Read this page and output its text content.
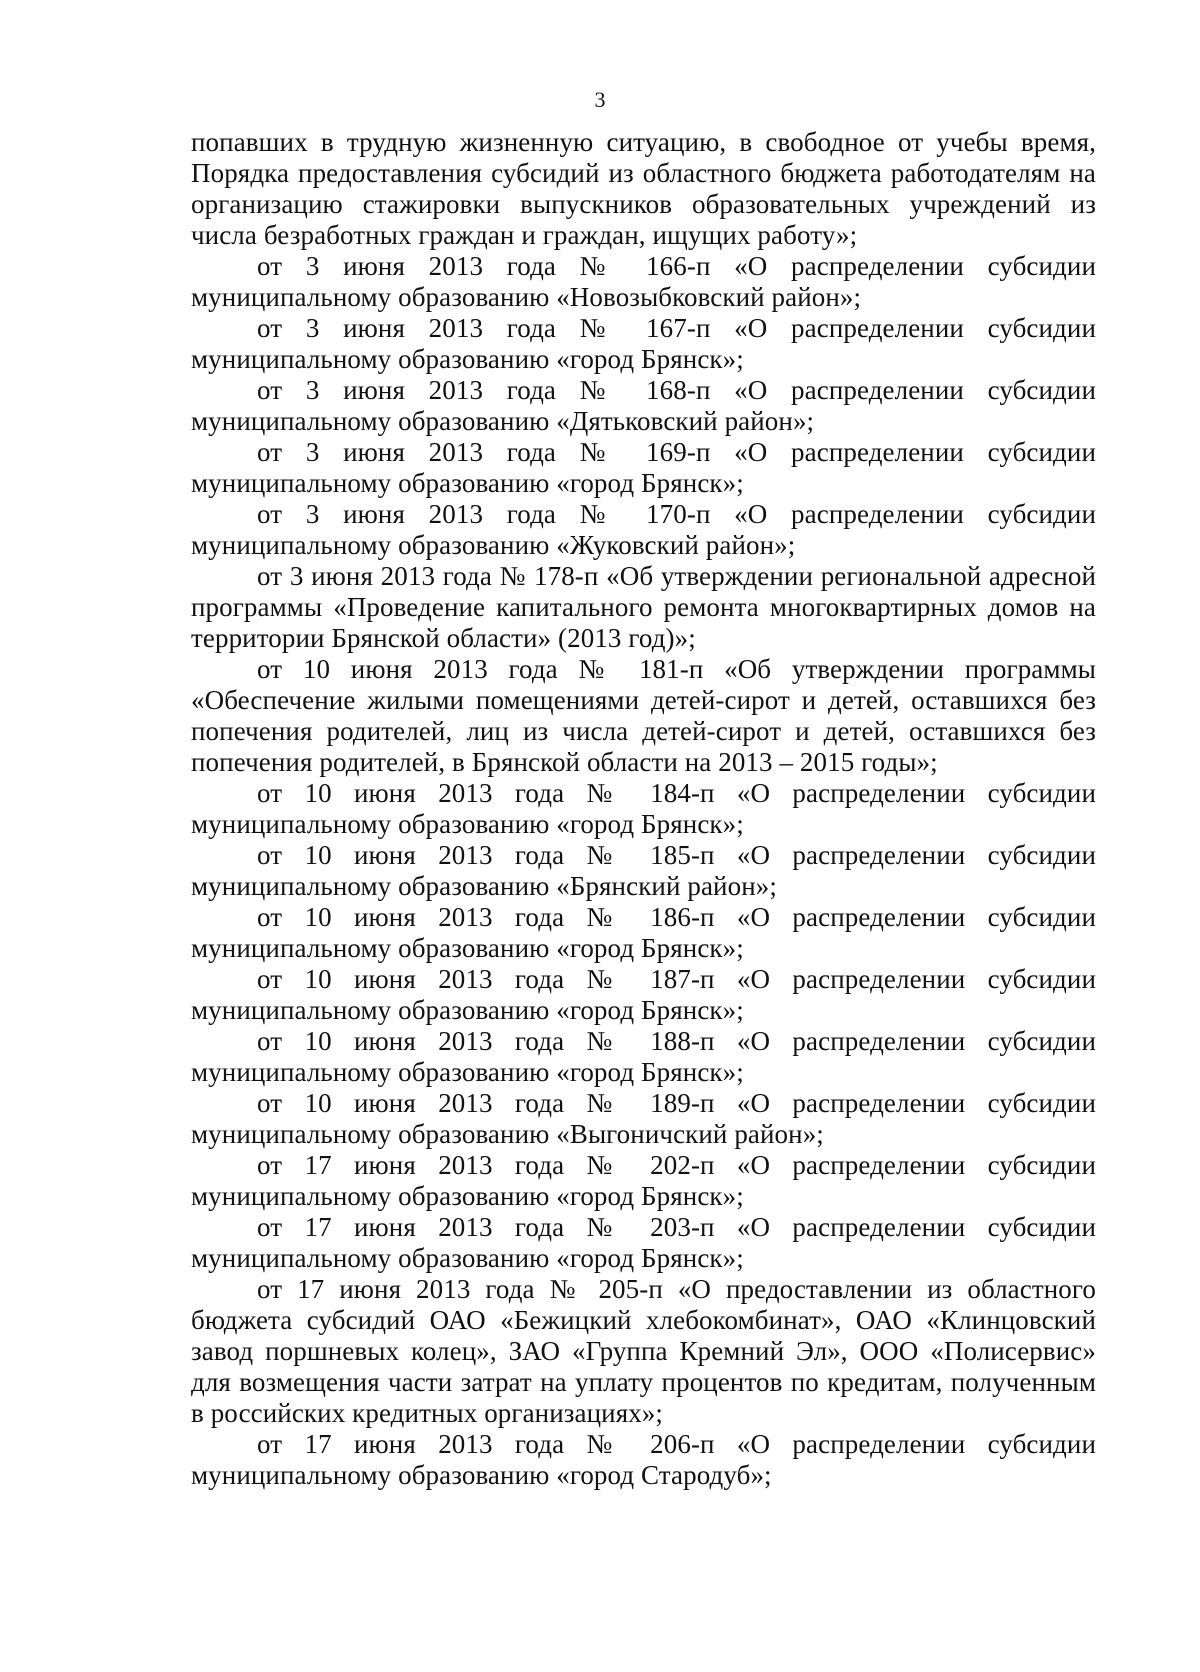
3

попавших в трудную жизненную ситуацию, в свободное от учебы время, Порядка предоставления субсидий из областного бюджета работодателям на организацию стажировки выпускников образовательных учреждений из числа безработных граждан и граждан, ищущих работу»;

от 3 июня 2013 года № 166-п «О распределении субсидии муниципальному образованию «Новозыбковский район»;

от 3 июня 2013 года № 167-п «О распределении субсидии муниципальному образованию «город Брянск»;

от 3 июня 2013 года № 168-п «О распределении субсидии муниципальному образованию «Дятьковский район»;

от 3 июня 2013 года № 169-п «О распределении субсидии муниципальному образованию «город Брянск»;

от 3 июня 2013 года № 170-п «О распределении субсидии муниципальному образованию «Жуковский район»;

от 3 июня 2013 года № 178-п «Об утверждении региональной адресной программы «Проведение капитального ремонта многоквартирных домов на территории Брянской области» (2013 год)»;

от 10 июня 2013 года № 181-п «Об утверждении программы «Обеспечение жилыми помещениями детей-сирот и детей, оставшихся без попечения родителей, лиц из числа детей-сирот и детей, оставшихся без попечения родителей, в Брянской области на 2013 – 2015 годы»;

от 10 июня 2013 года № 184-п «О распределении субсидии муниципальному образованию «город Брянск»;

от 10 июня 2013 года № 185-п «О распределении субсидии муниципальному образованию «Брянский район»;

от 10 июня 2013 года № 186-п «О распределении субсидии муниципальному образованию «город Брянск»;

от 10 июня 2013 года № 187-п «О распределении субсидии муниципальному образованию «город Брянск»;

от 10 июня 2013 года № 188-п «О распределении субсидии муниципальному образованию «город Брянск»;

от 10 июня 2013 года № 189-п «О распределении субсидии муниципальному образованию «Выгоничский район»;

от 17 июня 2013 года № 202-п «О распределении субсидии муниципальному образованию «город Брянск»;

от 17 июня 2013 года № 203-п «О распределении субсидии муниципальному образованию «город Брянск»;

от 17 июня 2013 года № 205-п «О предоставлении из областного бюджета субсидий ОАО «Бежицкий хлебокомбинат», ОАО «Клинцовский завод поршневых колец», ЗАО «Группа Кремний Эл», ООО «Полисервис» для возмещения части затрат на уплату процентов по кредитам, полученным в российских кредитных организациях»;

от 17 июня 2013 года № 206-п «О распределении субсидии муниципальному образованию «город Стародуб»;
